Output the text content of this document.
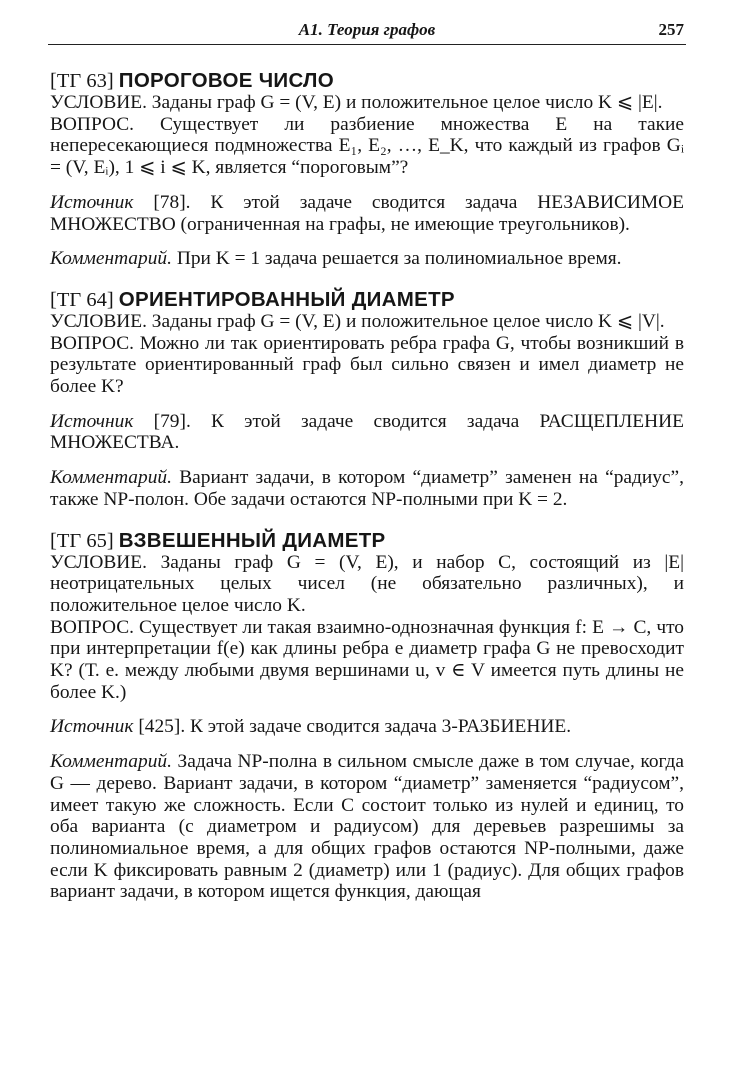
A1. Теория графов	257

[ТГ 63] ПОРОГОВОЕ ЧИСЛО

УСЛОВИЕ. Заданы граф G = (V, E) и положительное целое число K ⩽ |E|.

ВОПРОС. Существует ли разбиение множества E на такие непересекающиеся подмножества E₁, E₂, …, E_K, что каждый из графов Gᵢ = (V, Eᵢ), 1 ⩽ i ⩽ K, является “пороговым”?

Источник [78]. К этой задаче сводится задача НЕЗАВИСИМОЕ МНОЖЕСТВО (ограниченная на графы, не имеющие треугольников).

Комментарий. При K = 1 задача решается за полиномиальное время.

[ТГ 64] ОРИЕНТИРОВАННЫЙ ДИАМЕТР

УСЛОВИЕ. Заданы граф G = (V, E) и положительное целое число K ⩽ |V|.

ВОПРОС. Можно ли так ориентировать ребра графа G, чтобы возникший в результате ориентированный граф был сильно связен и имел диаметр не более K?

Источник [79]. К этой задаче сводится задача РАСЩЕПЛЕНИЕ МНОЖЕСТВА.

Комментарий. Вариант задачи, в котором “диаметр” заменен на “радиус”, также NP-полон. Обе задачи остаются NP-полными при K = 2.

[ТГ 65] ВЗВЕШЕННЫЙ ДИАМЕТР

УСЛОВИЕ. Заданы граф G = (V, E), и набор C, состоящий из |E| неотрицательных целых чисел (не обязательно различных), и положительное целое число K.

ВОПРОС. Существует ли такая взаимно-однозначная функция f: E → C, что при интерпретации f(e) как длины ребра e диаметр графа G не превосходит K? (Т. е. между любыми двумя вершинами u, v ∈ V имеется путь длины не более K.)

Источник [425]. К этой задаче сводится задача 3-РАЗБИЕНИЕ.

Комментарий. Задача NP-полна в сильном смысле даже в том случае, когда G — дерево. Вариант задачи, в котором “диаметр” заменяется “радиусом”, имеет такую же сложность. Если C состоит только из нулей и единиц, то оба варианта (с диаметром и радиусом) для деревьев разрешимы за полиномиальное время, а для общих графов остаются NP-полными, даже если K фиксировать равным 2 (диаметр) или 1 (радиус). Для общих графов вариант задачи, в котором ищется функция, дающая
